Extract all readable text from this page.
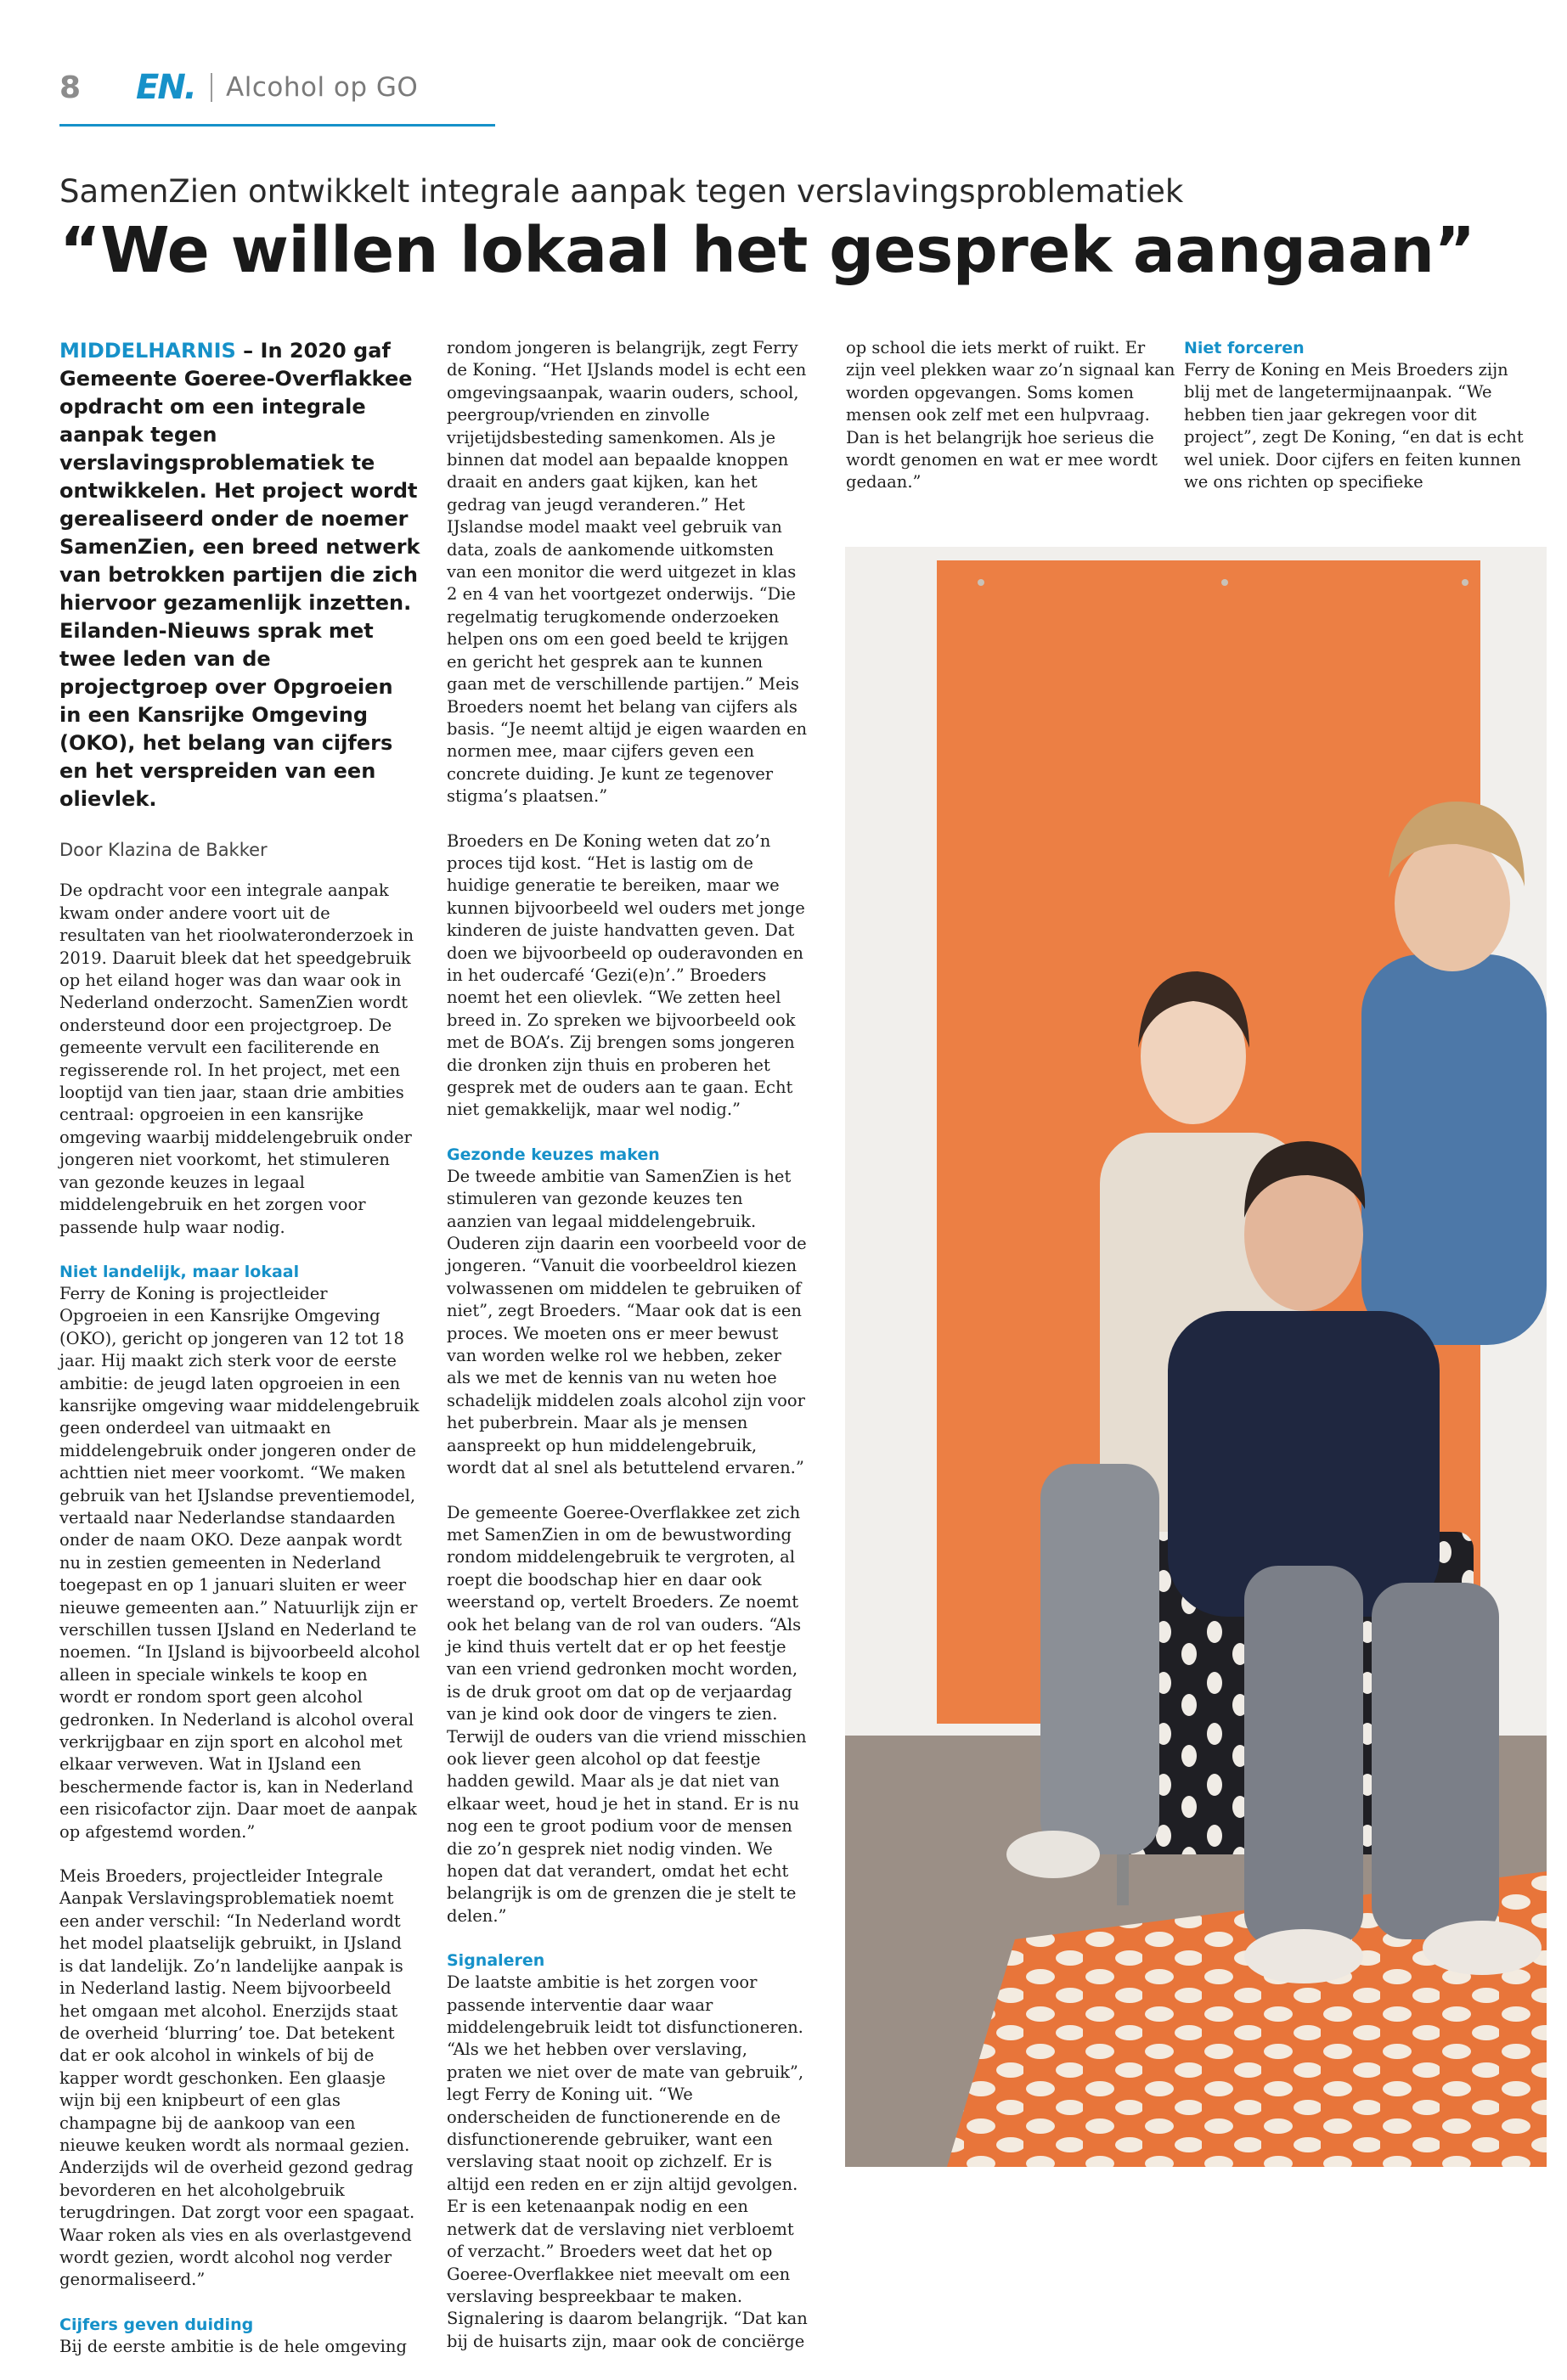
8	EN. Alcohol op GO
SamenZien ontwikkelt integrale aanpak tegen verslavingsproblematiek
“We willen lokaal het gesprek aangaan”
MIDDELHARNIS – In 2020 gaf Gemeente Goeree-Overflakkee opdracht om een integrale aanpak tegen verslavingsproblematiek te ontwikkelen. Het project wordt gerealiseerd onder de noemer SamenZien, een breed netwerk van betrokken partijen die zich hiervoor gezamenlijk inzetten. Eilanden-Nieuws sprak met twee leden van de projectgroep over Opgroeien in een Kansrijke Omgeving (OKO), het belang van cijfers en het verspreiden van een olievlek.
Door Klazina de Bakker

De opdracht voor een integrale aanpak kwam onder andere voort uit de resultaten van het rioolwateronderzoek in 2019. Daaruit bleek dat het speedgebruik op het eiland hoger was dan waar ook in Nederland onderzocht. SamenZien wordt ondersteund door een projectgroep. De gemeente vervult een faciliterende en regisserende rol. In het project, met een looptijd van tien jaar, staan drie ambities centraal: opgroeien in een kansrijke omgeving waarbij middelengebruik onder jongeren niet voorkomt, het stimuleren van gezonde keuzes in legaal middelengebruik en het zorgen voor passende hulp waar nodig.

Niet landelijk, maar lokaal

Ferry de Koning is projectleider Opgroeien in een Kansrijke Omgeving (OKO), gericht op jongeren van 12 tot 18 jaar. Hij maakt zich sterk voor de eerste ambitie: de jeugd laten opgroeien in een kansrijke omgeving waar middelengebruik geen onderdeel van uitmaakt en middelengebruik onder jongeren onder de achttien niet meer voorkomt. “We maken gebruik van het IJslandse preventiemodel, vertaald naar Nederlandse standaarden onder de naam OKO. Deze aanpak wordt nu in zestien gemeenten in Nederland toegepast en op 1 januari sluiten er weer nieuwe gemeenten aan.” Natuurlijk zijn er verschillen tussen IJsland en Nederland te noemen. “In IJsland is bijvoorbeeld alcohol alleen in speciale winkels te koop en wordt er rondom sport geen alcohol gedronken. In Nederland is alcohol overal verkrijgbaar en zijn sport en alcohol met elkaar verweven. Wat in IJsland een beschermende factor is, kan in Nederland een risicofactor zijn. Daar moet de aanpak op afgestemd worden.”

Meis Broeders, projectleider Integrale Aanpak Verslavingsproblematiek noemt een ander verschil: “In Nederland wordt het model plaatselijk gebruikt, in IJsland is dat landelijk. Zo’n landelijke aanpak is in Nederland lastig. Neem bijvoorbeeld het omgaan met alcohol. Enerzijds staat de overheid ‘blurring’ toe. Dat betekent dat er ook alcohol in winkels of bij de kapper wordt geschonken. Een glaasje wijn bij een knipbeurt of een glas champagne bij de aankoop van een nieuwe keuken wordt als normaal gezien. Anderzijds wil de overheid gezond gedrag bevorderen en het alcoholgebruik terugdringen. Dat zorgt voor een spagaat. Waar roken als vies en als overlastgevend wordt gezien, wordt alcohol nog verder genormaliseerd.”

Cijfers geven duiding

Bij de eerste ambitie is de hele omgeving

rondom jongeren is belangrijk, zegt Ferry de Koning. “Het IJslands model is echt een omgevingsaanpak, waarin ouders, school, peergroup/vrienden en zinvolle vrijetijdsbesteding samenkomen. Als je binnen dat model aan bepaalde knoppen draait en anders gaat kijken, kan het gedrag van jeugd veranderen.” Het IJslandse model maakt veel gebruik van data, zoals de aankomende uitkomsten van een monitor die werd uitgezet in klas 2 en 4 van het voortgezet onderwijs. “Die regelmatig terugkomende onderzoeken helpen ons om een goed beeld te krijgen en gericht het gesprek aan te kunnen gaan met de verschillende partijen.” Meis Broeders noemt het belang van cijfers als basis. “Je neemt altijd je eigen waarden en normen mee, maar cijfers geven een concrete duiding. Je kunt ze tegenover stigma’s plaatsen.”

Broeders en De Koning weten dat zo’n proces tijd kost. “Het is lastig om de huidige generatie te bereiken, maar we kunnen bijvoorbeeld wel ouders met jonge kinderen de juiste handvatten geven. Dat doen we bijvoorbeeld op ouderavonden en in het oudercafé ‘Gezi(e)n’.” Broeders noemt het een olievlek. “We zetten heel breed in. Zo spreken we bijvoorbeeld ook met de BOA’s. Zij brengen soms jongeren die dronken zijn thuis en proberen het gesprek met de ouders aan te gaan. Echt niet gemakkelijk, maar wel nodig.”

Gezonde keuzes maken

De tweede ambitie van SamenZien is het stimuleren van gezonde keuzes ten aanzien van legaal middelengebruik. Ouderen zijn daarin een voorbeeld voor de jongeren. “Vanuit die voorbeeldrol kiezen volwassenen om middelen te gebruiken of niet”, zegt Broeders. “Maar ook dat is een proces. We moeten ons er meer bewust van worden welke rol we hebben, zeker als we met de kennis van nu weten hoe schadelijk middelen zoals alcohol zijn voor het puberbrein. Maar als je mensen aanspreekt op hun middelengebruik, wordt dat al snel als betuttelend ervaren.”

De gemeente Goeree-Overflakkee zet zich met SamenZien in om de bewustwording rondom middelengebruik te vergroten, al roept die boodschap hier en daar ook weerstand op, vertelt Broeders. Ze noemt ook het belang van de rol van ouders. “Als je kind thuis vertelt dat er op het feestje van een vriend gedronken mocht worden, is de druk groot om dat op de verjaardag van je kind ook door de vingers te zien. Terwijl de ouders van die vriend misschien ook liever geen alcohol op dat feestje hadden gewild. Maar als je dat niet van elkaar weet, houd je het in stand. Er is nu nog een te groot podium voor de mensen die zo’n gesprek niet nodig vinden. We hopen dat dat verandert, omdat het echt belangrijk is om de grenzen die je stelt te delen.”

Signaleren

De laatste ambitie is het zorgen voor passende interventie daar waar middelengebruik leidt tot disfunctioneren. “Als we het hebben over verslaving, praten we niet over de mate van gebruik”, legt Ferry de Koning uit. “We onderscheiden de functionerende en de disfunctionerende gebruiker, want een verslaving staat nooit op zichzelf. Er is altijd een reden en er zijn altijd gevolgen. Er is een ketenaanpak nodig en een netwerk dat de verslaving niet verbloemt of verzacht.” Broeders weet dat het op Goeree-Overflakkee niet meevalt om een verslaving bespreekbaar te maken. Signalering is daarom belangrijk. “Dat kan bij de huisarts zijn, maar ook de conciërge

op school die iets merkt of ruikt. Er zijn veel plekken waar zo’n signaal kan worden opgevangen. Soms komen mensen ook zelf met een hulpvraag. Dan is het belangrijk hoe serieus die wordt genomen en wat er mee wordt gedaan.”

Niet forceren

Ferry de Koning en Meis Broeders zijn blij met de langetermijnaanpak. “We hebben tien jaar gekregen voor dit project”, zegt De Koning, “en dat is echt wel uniek. Door cijfers en feiten kunnen we ons richten op specifieke
